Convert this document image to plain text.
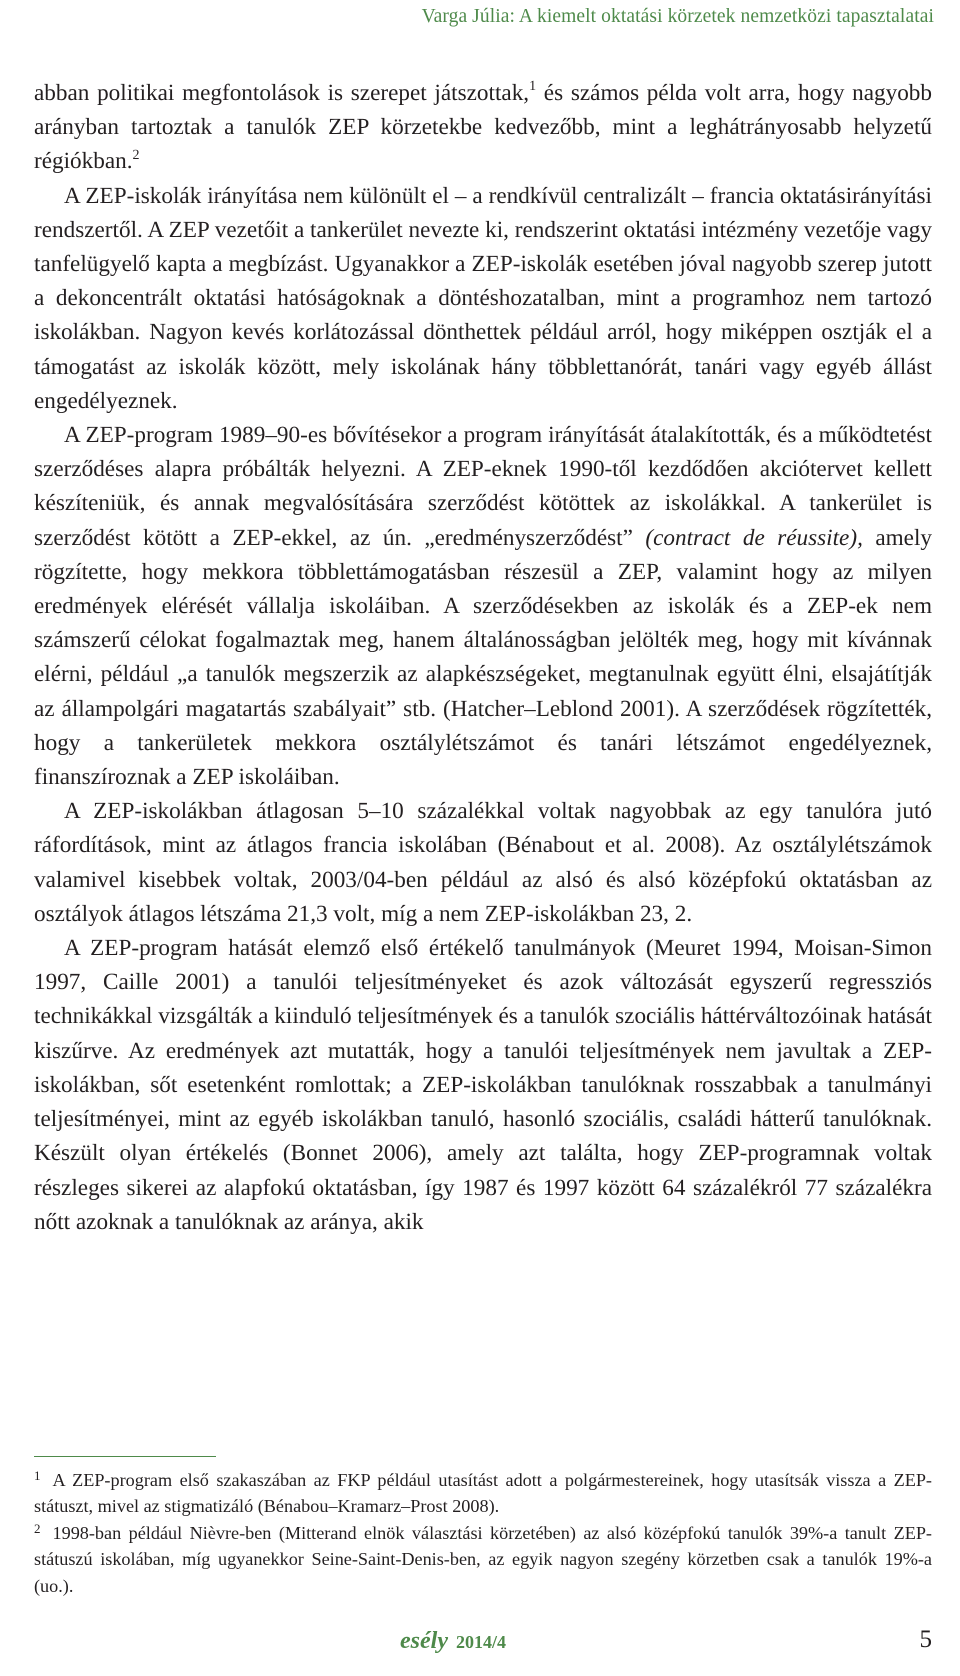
Varga Júlia: A kiemelt oktatási körzetek nemzetközi tapasztalatai

abban politikai megfontolások is szerepet játszottak,$^1$ és számos példa volt arra, hogy nagyobb arányban tartoztak a tanulók ZEP körzetekbe kedvezőbb, mint a leghátrányosabb helyzetű régiókban.$^2$

A ZEP-iskolák irányítása nem különült el – a rendkívül centralizált – francia oktatásirányítási rendszertől. A ZEP vezetőit a tankerület nevezte ki, rendszerint oktatási intézmény vezetője vagy tanfelügyelő kapta a megbízást. Ugyanakkor a ZEP-iskolák esetében jóval nagyobb szerep jutott a dekoncentrált oktatási hatóságoknak a döntéshozatalban, mint a programhoz nem tartozó iskolákban. Nagyon kevés korlátozással dönthettek például arról, hogy miképpen osztják el a támogatást az iskolák között, mely iskolának hány többlettanórát, tanári vagy egyéb állást engedélyeznek.

A ZEP-program 1989–90-es bővítésekor a program irányítását átalakították, és a működtetést szerződéses alapra próbálták helyezni. A ZEP-eknek 1990-től kezdődően akciótervet kellett készíteniük, és annak megvalósítására szerződést kötöttek az iskolákkal. A tankerület is szerződést kötött a ZEP-ekkel, az ún. „eredményszerződést” (contract de réussite), amely rögzítette, hogy mekkora többlettámogatásban részesül a ZEP, valamint hogy az milyen eredmények elérését vállalja iskoláiban. A szerződésekben az iskolák és a ZEP-ek nem számszerű célokat fogalmaztak meg, hanem általánosságban jelölték meg, hogy mit kívánnak elérni, például „a tanulók megszerzik az alapkészségeket, megtanulnak együtt élni, elsajátítják az állampolgári magatartás szabályait” stb. (Hatcher–Leblond 2001). A szerződések rögzítették, hogy a tankerületek mekkora osztálylétszámot és tanári létszámot engedélyeznek, finanszíroznak a ZEP iskoláiban.

A ZEP-iskolákban átlagosan 5–10 százalékkal voltak nagyobbak az egy tanulóra jutó ráfordítások, mint az átlagos francia iskolában (Bénabout et al. 2008). Az osztálylétszámok valamivel kisebbek voltak, 2003/04-ben például az alsó és alsó középfokú oktatásban az osztályok átlagos létszáma 21,3 volt, míg a nem ZEP-iskolákban 23, 2.

A ZEP-program hatását elemző első értékelő tanulmányok (Meuret 1994, Moisan-Simon 1997, Caille 2001) a tanulói teljesítményeket és azok változását egyszerű regressziós technikákkal vizsgálták a kiinduló teljesítmények és a tanulók szociális háttérváltozóinak hatását kiszűrve. Az eredmények azt mutatták, hogy a tanulói teljesítmények nem javultak a ZEP-iskolákban, sőt esetenként romlottak; a ZEP-iskolákban tanulóknak rosszabbak a tanulmányi teljesítményei, mint az egyéb iskolákban tanuló, hasonló szociális, családi hátterű tanulóknak. Készült olyan értékelés (Bonnet 2006), amely azt találta, hogy ZEP-programnak voltak részleges sikerei az alapfokú oktatásban, így 1987 és 1997 között 64 százalékról 77 százalékra nőtt azoknak a tanulóknak az aránya, akik

1 A ZEP-program első szakaszában az FKP például utasítást adott a polgármestereinek, hogy utasítsák vissza a ZEP-státuszt, mivel az stigmatizáló (Bénabou–Kramarz–Prost 2008).

2 1998-ban például Nièvre-ben (Mitterand elnök választási körzetében) az alsó középfokú tanulók 39%-a tanult ZEP-státuszú iskolában, míg ugyanekkor Seine-Saint-Denis-ben, az egyik nagyon szegény körzetben csak a tanulók 19%-a (uo.).

esély 2014/4	5
